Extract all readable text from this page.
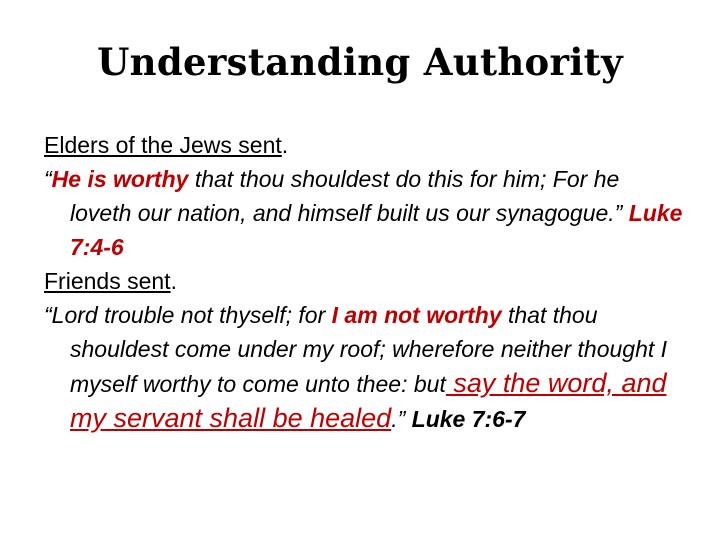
Understanding Authority

Elders of the Jews sent.

“He is worthy that thou shouldest do this for him; For he loveth our nation, and himself built us our synagogue.” Luke 7:4-6

Friends sent.

“Lord trouble not thyself; for I am not worthy that thou shouldest come under my roof; wherefore neither thought I myself worthy to come unto thee: but say the word, and my servant shall be healed.” Luke 7:6-7
